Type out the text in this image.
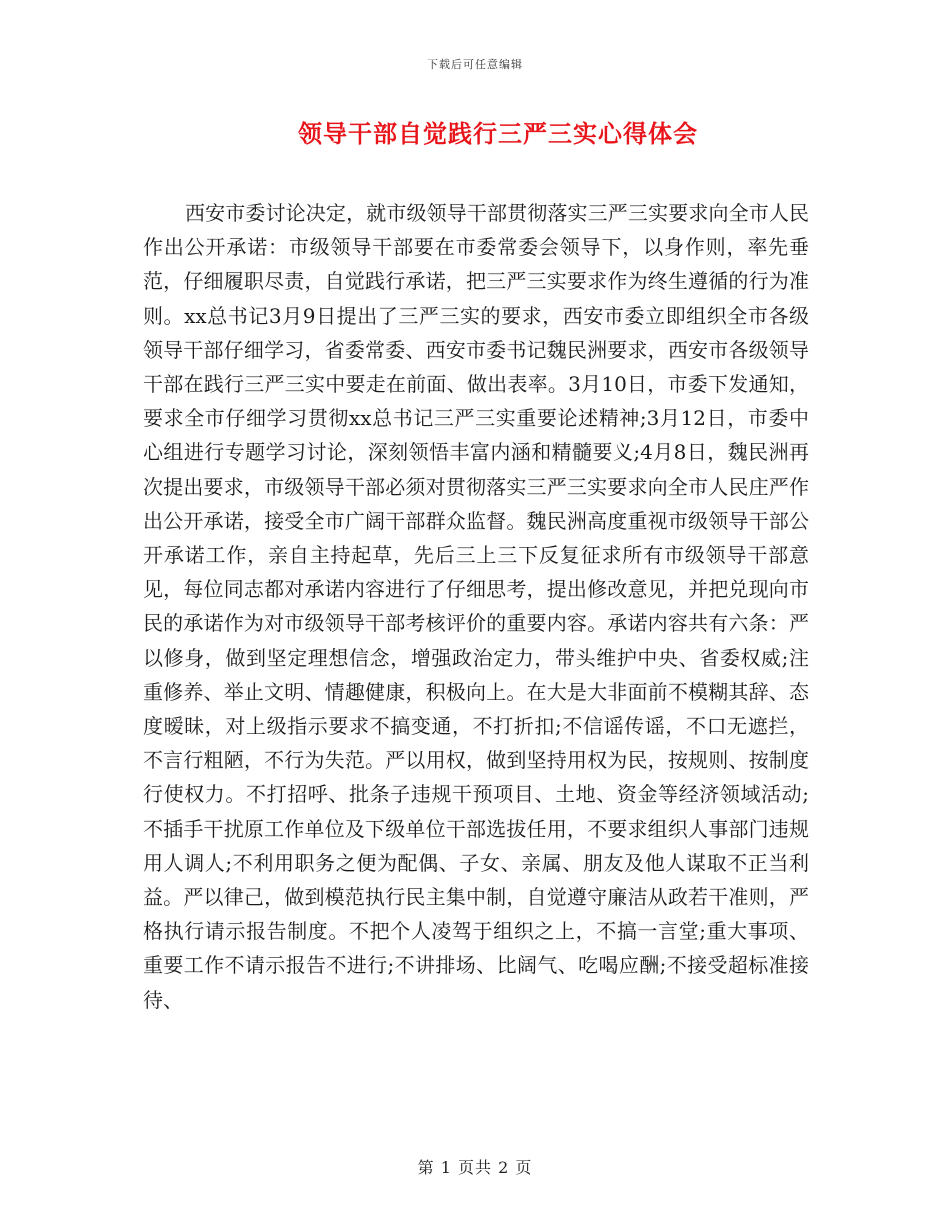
下载后可任意编辑
领导干部自觉践行三严三实心得体会

西安市委讨论决定，就市级领导干部贯彻落实三严三实要求向全市人民作出公开承诺：市级领导干部要在市委常委会领导下，以身作则，率先垂范，仔细履职尽责，自觉践行承诺，把三严三实要求作为终生遵循的行为准则。xx总书记3月9日提出了三严三实的要求，西安市委立即组织全市各级领导干部仔细学习，省委常委、西安市委书记魏民洲要求，西安市各级领导干部在践行三严三实中要走在前面、做出表率。3月10日，市委下发通知，要求全市仔细学习贯彻xx总书记三严三实重要论述精神;3月12日，市委中心组进行专题学习讨论，深刻领悟丰富内涵和精髓要义;4月8日，魏民洲再次提出要求，市级领导干部必须对贯彻落实三严三实要求向全市人民庄严作出公开承诺，接受全市广阔干部群众监督。魏民洲高度重视市级领导干部公开承诺工作，亲自主持起草，先后三上三下反复征求所有市级领导干部意见，每位同志都对承诺内容进行了仔细思考，提出修改意见，并把兑现向市民的承诺作为对市级领导干部考核评价的重要内容。承诺内容共有六条：严以修身，做到坚定理想信念，增强政治定力，带头维护中央、省委权威;注重修养、举止文明、情趣健康，积极向上。在大是大非面前不模糊其辞、态度暧昧，对上级指示要求不搞变通，不打折扣;不信谣传谣，不口无遮拦，不言行粗陋，不行为失范。严以用权，做到坚持用权为民，按规则、按制度行使权力。不打招呼、批条子违规干预项目、土地、资金等经济领域活动;不插手干扰原工作单位及下级单位干部选拔任用，不要求组织人事部门违规用人调人;不利用职务之便为配偶、子女、亲属、朋友及他人谋取不正当利益。严以律己，做到模范执行民主集中制，自觉遵守廉洁从政若干准则，严格执行请示报告制度。不把个人凌驾于组织之上，不搞一言堂;重大事项、重要工作不请示报告不进行;不讲排场、比阔气、吃喝应酬;不接受超标准接待、

第 1 页共 2 页
